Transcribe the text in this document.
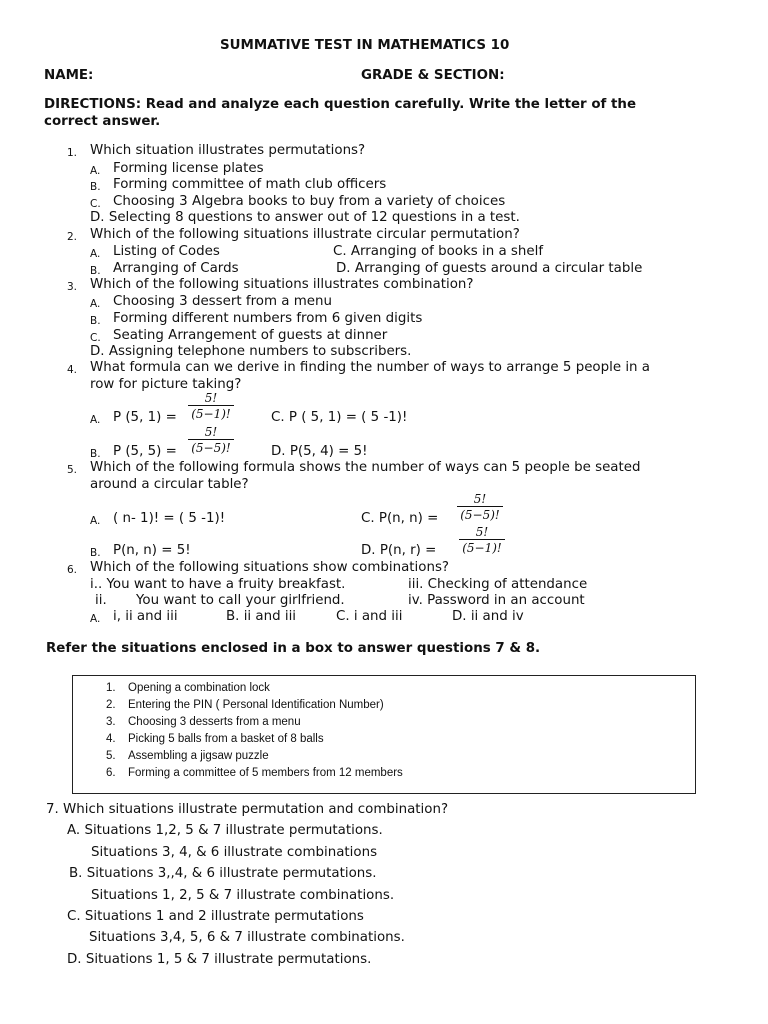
SUMMATIVE TEST IN MATHEMATICS 10
NAME:	GRADE & SECTION:
DIRECTIONS: Read and analyze each question carefully. Write the letter of the
correct answer.
1. Which situation illustrates permutations?
A. Forming license plates
B. Forming committee of math club officers
C. Choosing 3 Algebra books to buy from a variety of choices
D. Selecting 8 questions to answer out of 12 questions in a test.
2. Which of the following situations illustrate circular permutation?
A. Listing of Codes	C. Arranging of books in a shelf
B. Arranging of Cards	D. Arranging of guests around a circular table
3. Which of the following situations illustrates combination?
A. Choosing 3 dessert from a menu
B. Forming different numbers from 6 given digits
C. Seating Arrangement of guests at dinner
D. Assigning telephone numbers to subscribers.
4. What formula can we derive in finding the number of ways to arrange 5 people in a
row for picture taking?
A. P (5, $1) = \frac{5!}{(5-1)!}$	C. P ( 5, 1) = ( 5 -1)!
B. P (5, $5) = \frac{5!}{(5-5)!}$	D. P(5, 4) = 5!
5. Which of the following formula shows the number of ways can 5 people be seated
around a circular table?
A. ( n- 1)! = ( 5 -1)!	C. P(n, $n) = \frac{5!}{(5-5)!}$
B. P(n, n) = 5!	D. P(n, $r) = \frac{5!}{(5-1)!}$
6. Which of the following situations show combinations?
i.. You want to have a fruity breakfast.	iii. Checking of attendance
ii. You want to call your girlfriend.	iv. Password in an account
A. i, ii and iii	B. ii and iii	C. i and iii	D. ii and iv
Refer the situations enclosed in a box to answer questions 7 & 8.
1. Opening a combination lock
2. Entering the PIN ( Personal Identification Number)
3. Choosing 3 desserts from a menu
4. Picking 5 balls from a basket of 8 balls
5. Assembling a jigsaw puzzle
6. Forming a committee of 5 members from 12 members
7. Which situations illustrate permutation and combination?
A. Situations 1,2, 5 & 7 illustrate permutations.
Situations 3, 4, & 6 illustrate combinations
B. Situations 3,,4, & 6 illustrate permutations.
Situations 1, 2, 5 & 7 illustrate combinations.
C. Situations 1 and 2 illustrate permutations
Situations 3,4, 5, 6 & 7 illustrate combinations.
D. Situations 1, 5 & 7 illustrate permutations.
